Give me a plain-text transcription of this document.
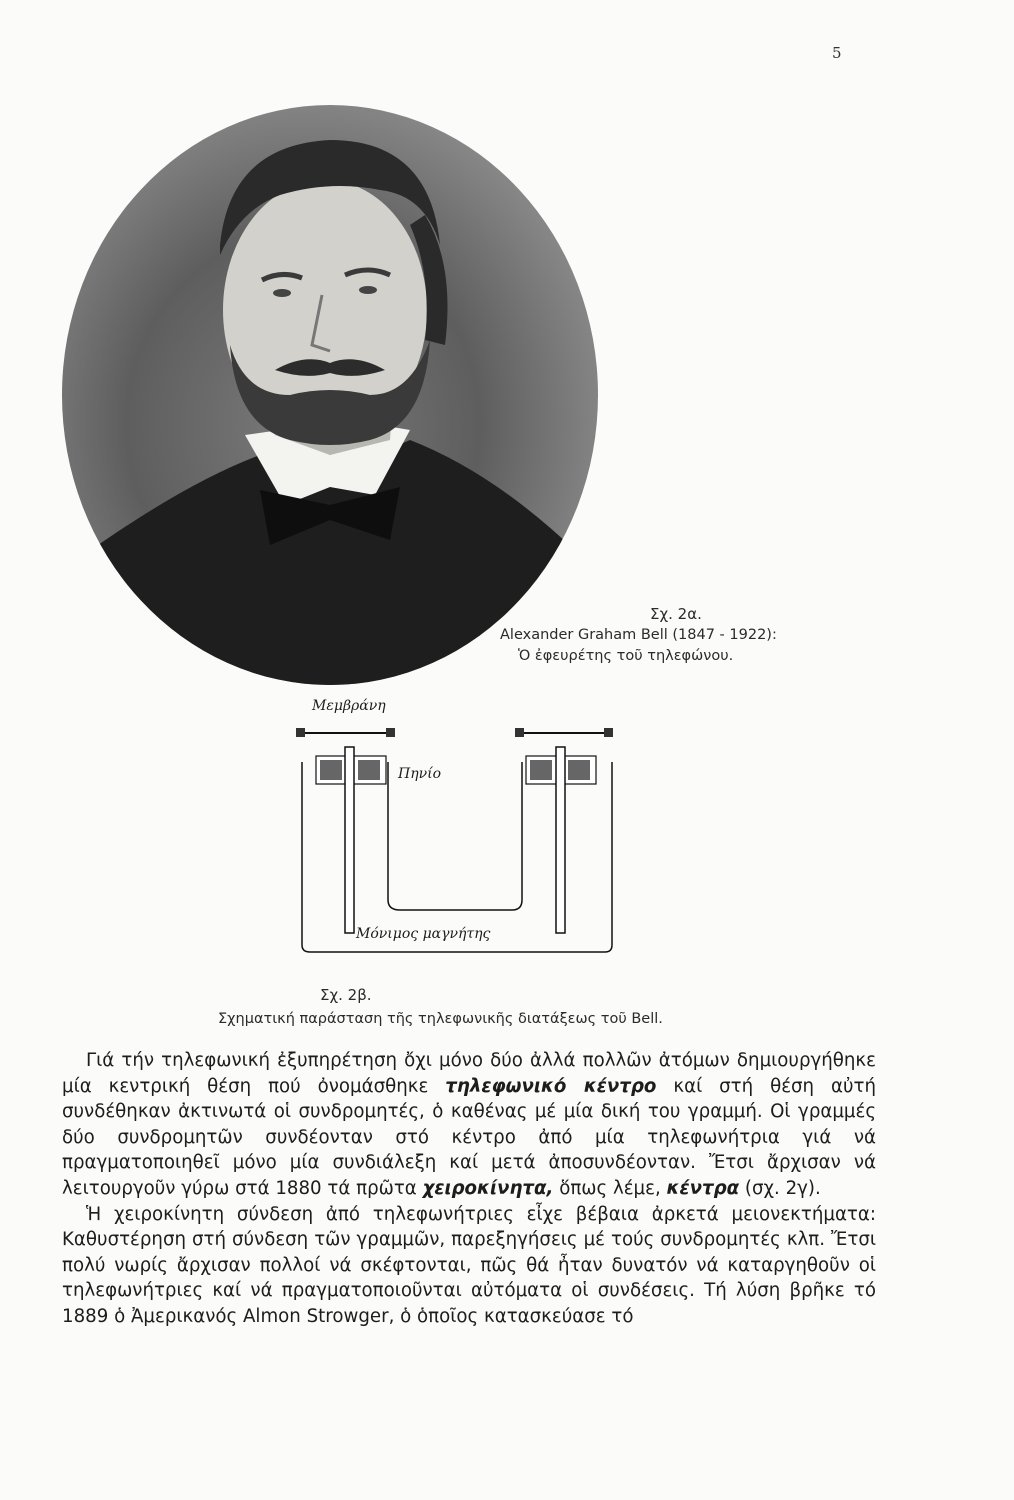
5
Σχ. 2α.
Alexander Graham Bell (1847 - 1922):
Ὁ ἐφευρέτης τοῦ τηλεφώνου.
Μεμβράνη
Πηνίο
Μόνιμος μαγνήτης
Σχ. 2β.
Σχηματική παράσταση τῆς τηλεφωνικῆς διατάξεως τοῦ Bell.

Γιά τήν τηλεφωνική ἐξυπηρέτηση ὄχι μόνο δύο ἀλλά πολλῶν ἀτόμων δημιουργήθηκε μία κεντρική θέση πού ὀνομάσθηκε τηλεφωνικό κέντρο καί στή θέση αὐτή συνδέθηκαν ἀκτινωτά οἱ συνδρομητές, ὁ καθένας μέ μία δική του γραμμή. Οἱ γραμμές δύο συνδρομητῶν συνδέονταν στό κέντρο ἀπό μία τηλεφωνήτρια γιά νά πραγματοποιηθεῖ μόνο μία συνδιάλεξη καί μετά ἀποσυνδέονταν. Ἔτσι ἄρχισαν νά λειτουργοῦν γύρω στά 1880 τά πρῶτα χειροκίνητα, ὅπως λέμε, κέντρα (σχ. 2γ).

Ἡ χειροκίνητη σύνδεση ἀπό τηλεφωνήτριες εἶχε βέβαια ἀρκετά μειονεκτήματα: Καθυστέρηση στή σύνδεση τῶν γραμμῶν, παρεξηγήσεις μέ τούς συνδρομητές κλπ. Ἔτσι πολύ νωρίς ἄρχισαν πολλοί νά σκέφτονται, πῶς θά ἦταν δυνατόν νά καταργηθοῦν οἱ τηλεφωνήτριες καί νά πραγματοποιοῦνται αὐτόματα οἱ συνδέσεις. Τή λύση βρῆκε τό 1889 ὁ Ἀμερικανός Almon Strowger, ὁ ὁποῖος κατασκεύασε τό
